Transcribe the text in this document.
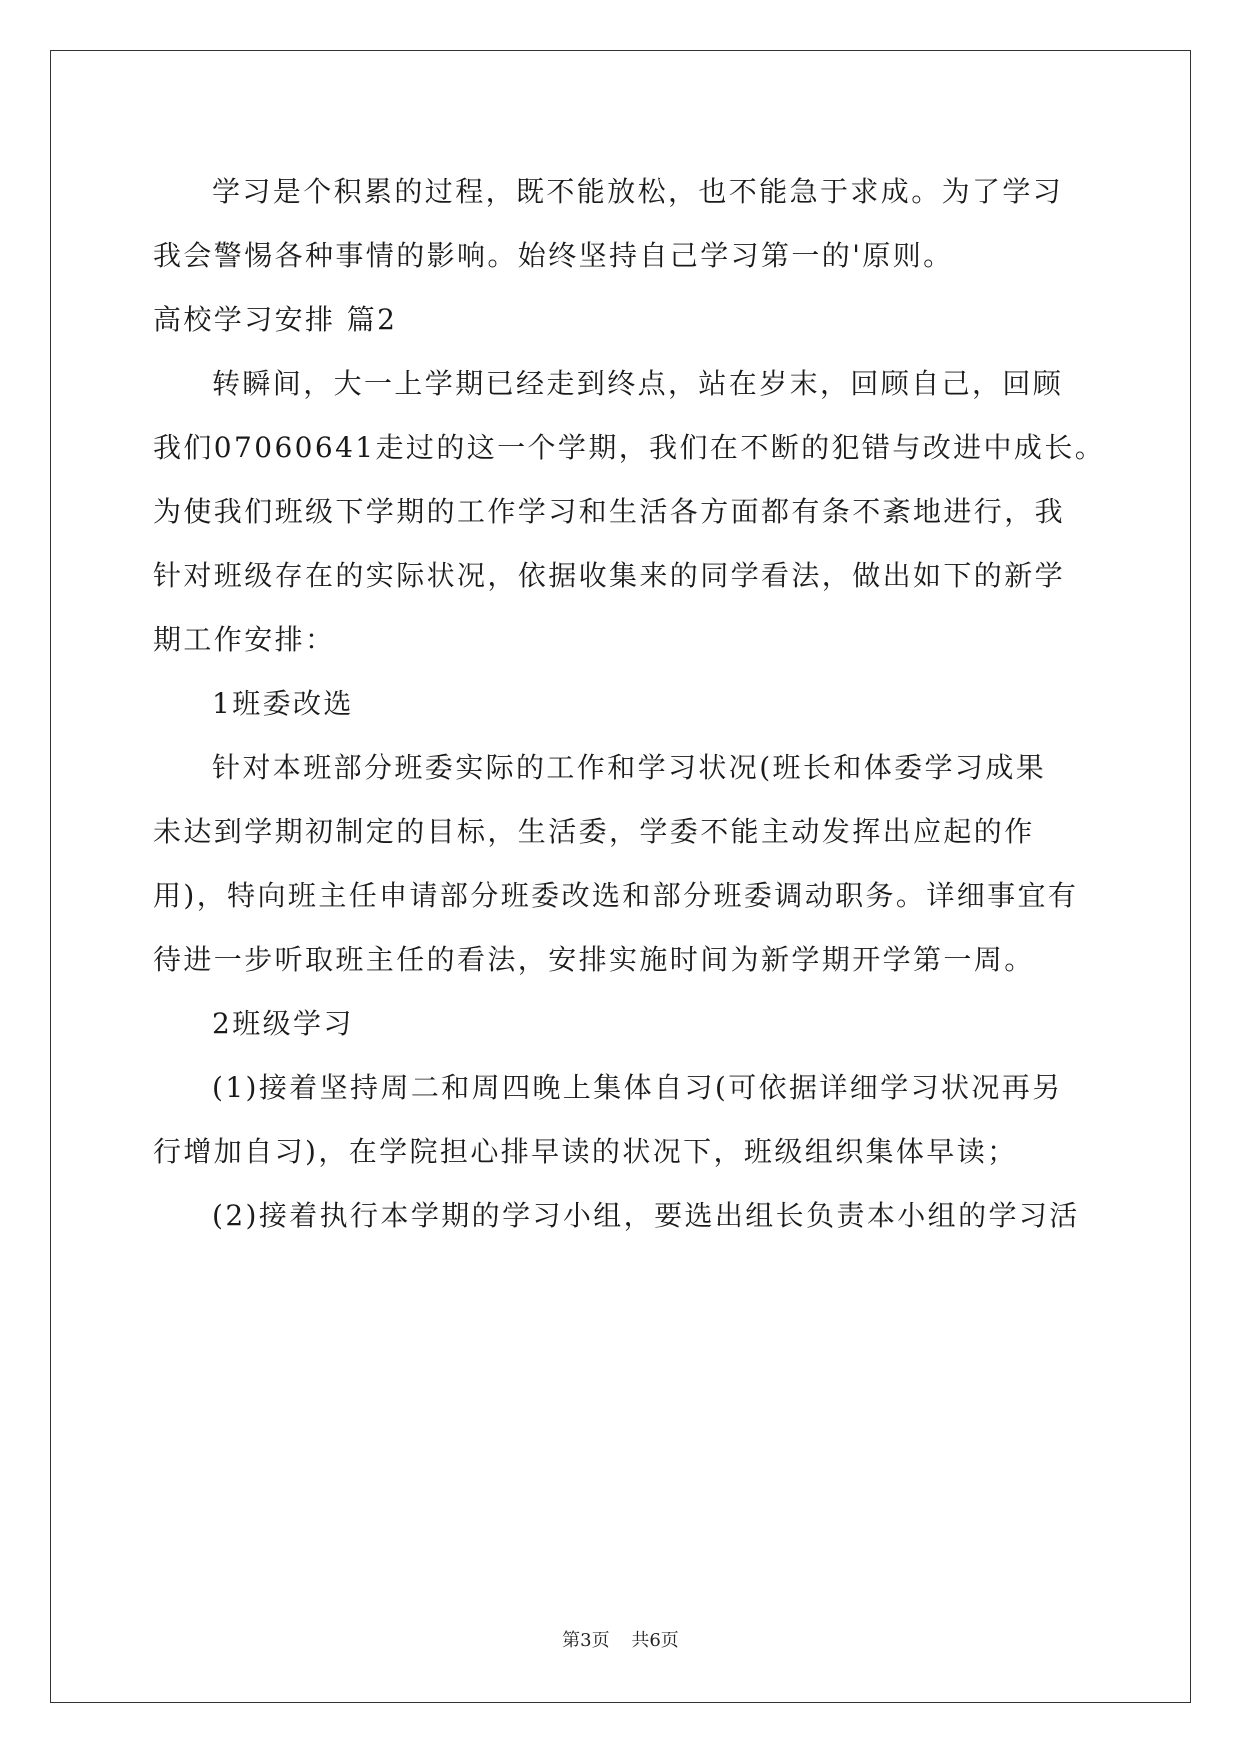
学习是个积累的过程，既不能放松，也不能急于求成。为了学习
我会警惕各种事情的影响。始终坚持自己学习第一的'原则。
高校学习安排 篇2
转瞬间，大一上学期已经走到终点，站在岁末，回顾自己，回顾
我们07060641走过的这一个学期，我们在不断的犯错与改进中成长。
为使我们班级下学期的工作学习和生活各方面都有条不紊地进行，我
针对班级存在的实际状况，依据收集来的同学看法，做出如下的新学
期工作安排：
1班委改选
针对本班部分班委实际的工作和学习状况(班长和体委学习成果
未达到学期初制定的目标，生活委，学委不能主动发挥出应起的作
用)，特向班主任申请部分班委改选和部分班委调动职务。详细事宜有
待进一步听取班主任的看法，安排实施时间为新学期开学第一周。
2班级学习
(1)接着坚持周二和周四晚上集体自习(可依据详细学习状况再另
行增加自习)，在学院担心排早读的状况下，班级组织集体早读；
(2)接着执行本学期的学习小组，要选出组长负责本小组的学习活
第3页 共6页
